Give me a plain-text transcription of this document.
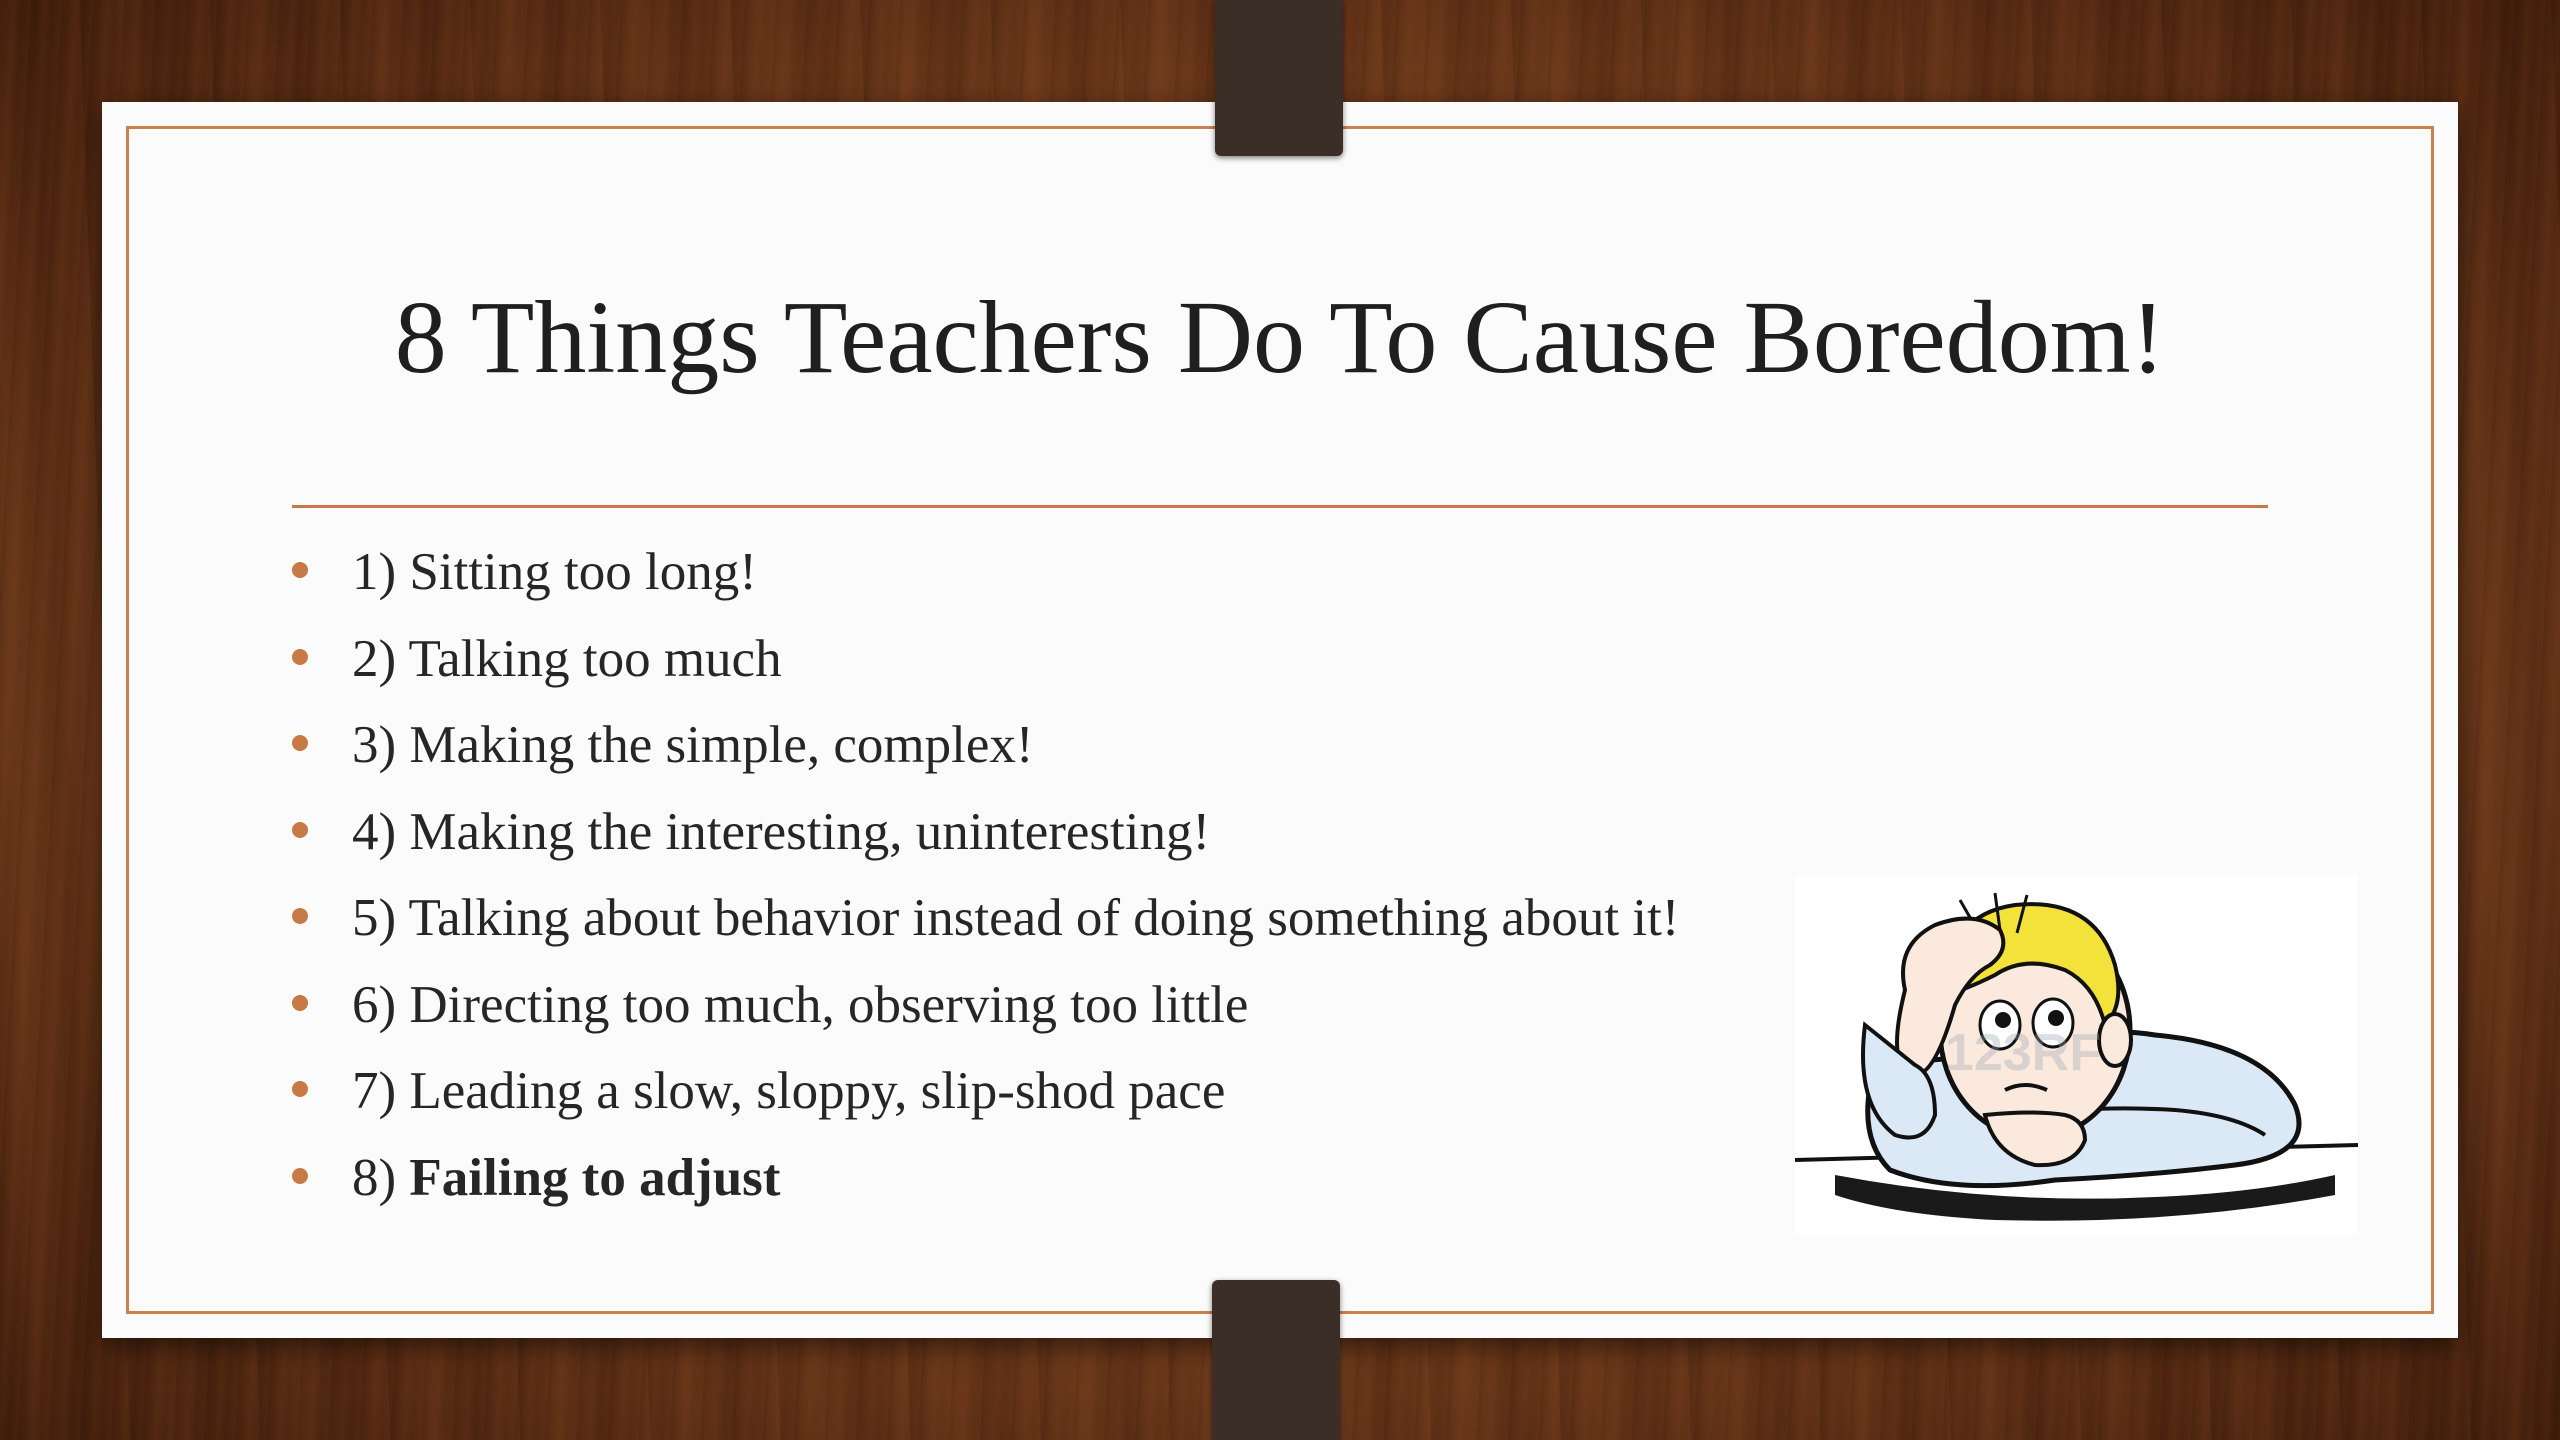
8 Things Teachers Do To Cause Boredom!
1) Sitting too long!
2) Talking too much
3) Making the simple, complex!
4) Making the interesting, uninteresting!
5) Talking about behavior instead of doing something about it!
6) Directing too much, observing too little
7) Leading a slow, sloppy, slip-shod pace
8) Failing to adjust
123RF
